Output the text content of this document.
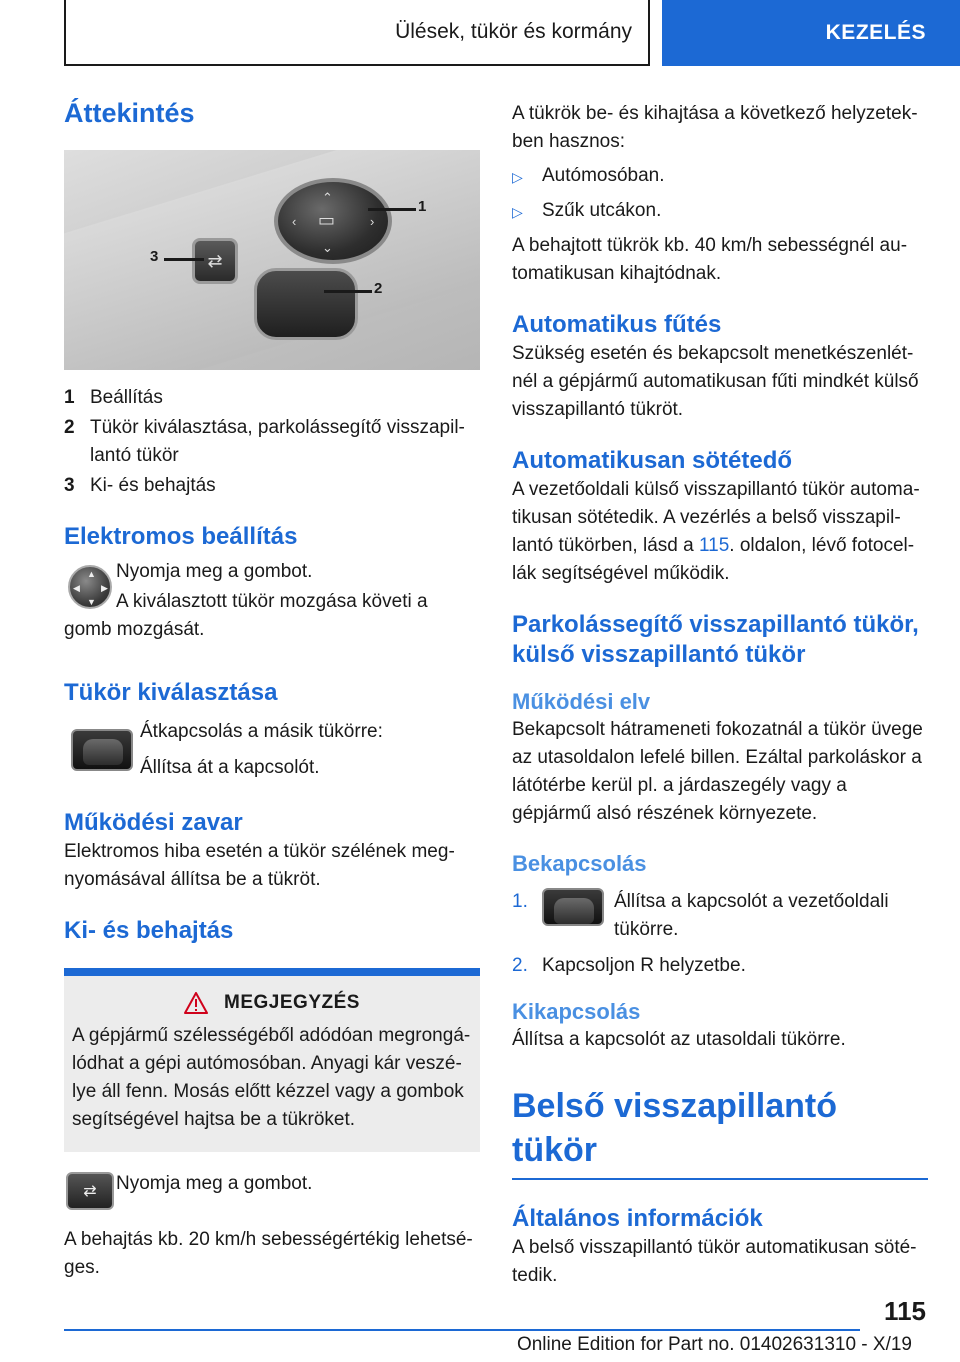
Ülések, tükör és kormány	KEZELÉS
Áttekintés
⌃
‹	›
⌄
▭
⇄
1
2
3
1 Beállítás
2 Tükör kiválasztása, parkolássegítő visszapillantó tükör
3 Ki- és behajtás
Elektromos beállítás
▲
▼
◀ ▶

Nyomja meg a gombot.

A kiválasztott tükör mozgása követi a gomb mozgását.

Tükör kiválasztása

Átkapcsolás a másik tükörre:

Állítsa át a kapcsolót.

Működési zavar

Elektromos hiba esetén a tükör szélének megnyomásával állítsa be a tükröt.

Ki- és behajtás
MEGJEGYZÉS

A gépjármű szélességéből adódóan megrongálódhat a gépi autómosóban. Anyagi kár veszélye áll fenn. Mosás előtt kézzel vagy a gombok segítségével hajtsa be a tükröket.

⇄	Nyomja meg a gombot.

A behajtás kb. 20 km/h sebességértékig lehetséges.

A tükrök be- és kihajtása a következő helyzetekben hasznos:

▷	Autómosóban.
▷	Szűk utcákon.

A behajtott tükrök kb. 40 km/h sebességnél automatikusan kihajtódnak.

Automatikus fűtés

Szükség esetén és bekapcsolt menetkészenlétnél a gépjármű automatikusan fűti mindkét külső visszapillantó tükröt.

Automatikusan sötétedő

A vezetőoldali külső visszapillantó tükör automatikusan sötétedik. A vezérlés a belső visszapillantó tükörben, lásd a 115. oldalon, lévő fotocellák segítségével működik.

Parkolássegítő visszapillantó tükör, külső visszapillantó tükör
Működési elv

Bekapcsolt hátrameneti fokozatnál a tükör üvege az utasoldalon lefelé billen. Ezáltal parkoláskor a látótérbe kerül pl. a járdaszegély vagy a gépjármű alsó részének környezete.

Bekapcsolás
1.	Állítsa a kapcsolót a vezetőoldali tükörre.
2. Kapcsoljon R helyzetbe.
Kikapcsolás

Állítsa a kapcsolót az utasoldali tükörre.

Belső visszapillantó tükör
Általános információk

A belső visszapillantó tükör automatikusan sötétedik.

115
Online Edition for Part no. 01402631310 - X/19
